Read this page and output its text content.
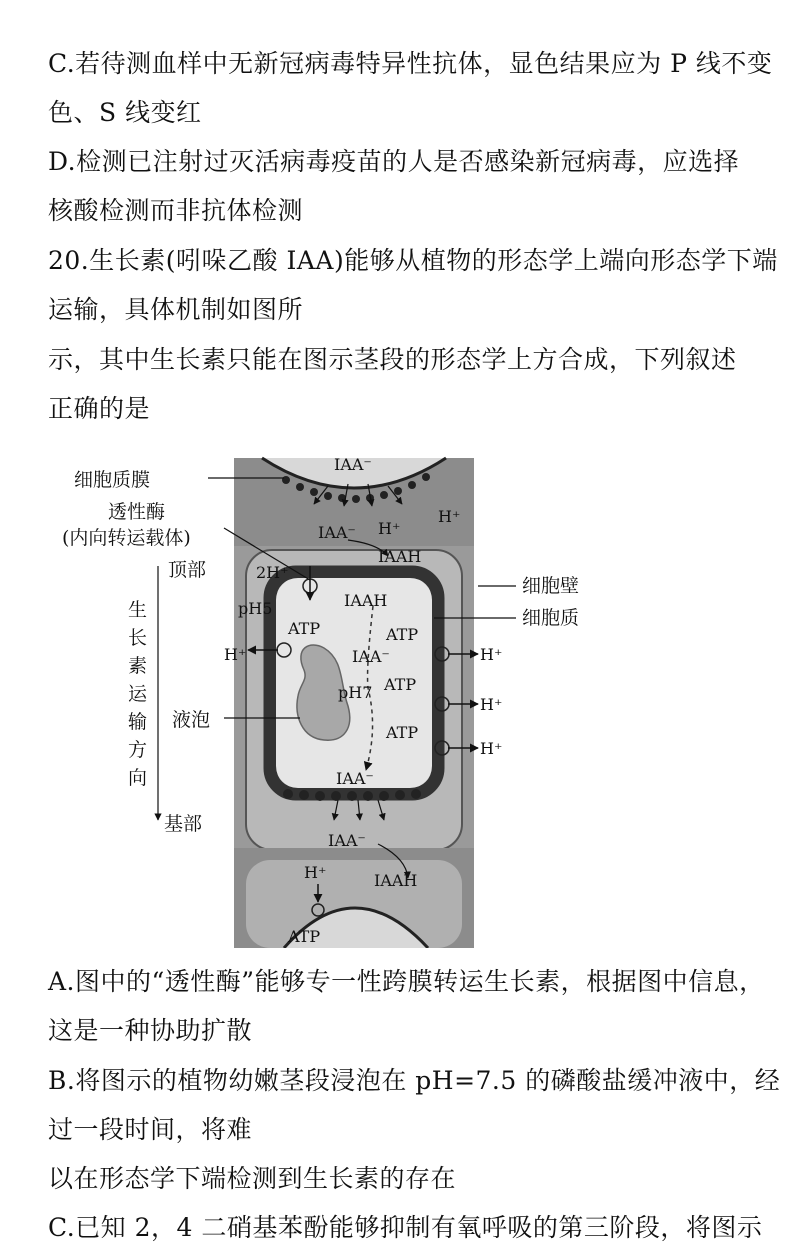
C.若待测血样中无新冠病毒特异性抗体，显色结果应为 P 线不变
色、S 线变红
D.检测已注射过灭活病毒疫苗的人是否感染新冠病毒，应选择
核酸检测而非抗体检测
20.生长素(吲哚乙酸 IAA)能够从植物的形态学上端向形态学下端
运输，具体机制如图所
示，其中生长素只能在图示茎段的形态学上方合成，下列叙述
正确的是
细胞质膜
透性酶
(内向转运载体)
顶部
生
长
素
运
输
方
向
基部
液泡
细胞壁
细胞质
IAA⁻
H⁺
IAA⁻ H⁺
IAAH
2H⁺
pH5	IAAH
ATP	ATP
H⁺	IAA⁻	H⁺
pH7 ATP
H⁺
ATP
H⁺
IAA⁻
IAA⁻
H⁺	IAAH
ATP
A.图中的“透性酶”能够专一性跨膜转运生长素，根据图中信息，
这是一种协助扩散
B.将图示的植物幼嫩茎段浸泡在 pH=7.5 的磷酸盐缓冲液中，经
过一段时间，将难
以在形态学下端检测到生长素的存在
C.已知 2，4 二硝基苯酚能够抑制有氧呼吸的第三阶段，将图示
